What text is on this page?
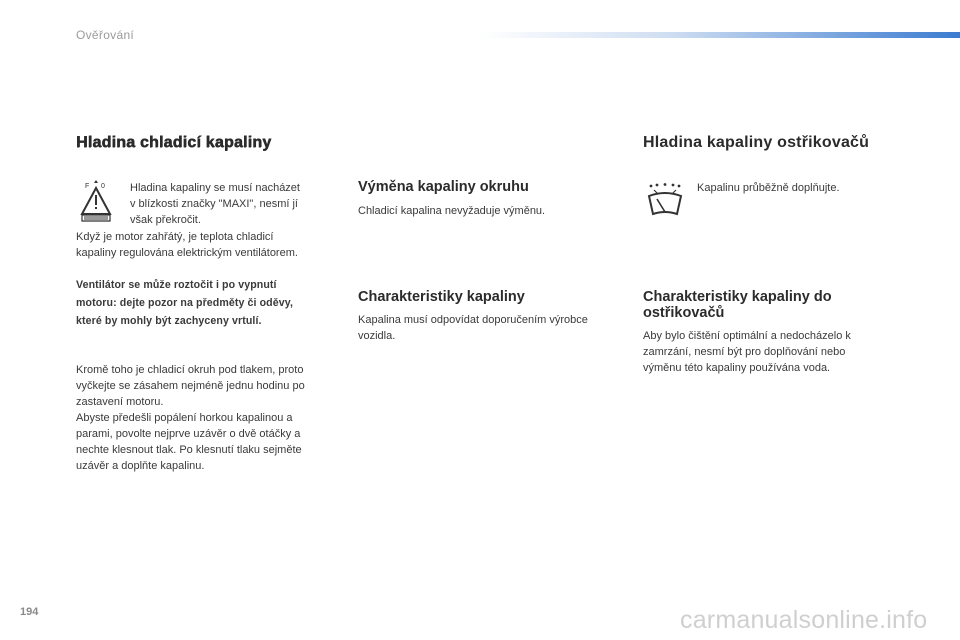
Ověřování
Hladina chladicí kapaliny
F 0 Hladina kapaliny se musí nacházet

v blízkosti značky "MAXI", nesmí jí

však překročit.

Když je motor zahřátý, je teplota chladicí

kapaliny regulována elektrickým ventilátorem.

Ventilátor se může roztočit i po vypnutí

motoru: dejte pozor na předměty či oděvy,

které by mohly být zachyceny vrtulí.

Kromě toho je chladicí okruh pod tlakem, proto

vyčkejte se zásahem nejméně jednu hodinu po

zastavení motoru.

Abyste předešli popálení horkou kapalinou a

parami, povolte nejprve uzávěr o dvě otáčky a

nechte klesnout tlak. Po klesnutí tlaku sejměte

uzávěr a doplňte kapalinu.

Výměna kapaliny okruhu

Chladicí kapalina nevyžaduje výměnu.

Charakteristiky kapaliny

Kapalina musí odpovídat doporučením výrobce

vozidla.

Hladina kapaliny ostřikovačů

Kapalinu průběžně doplňujte.

Charakteristiky kapaliny do
ostřikovačů

Aby bylo čištění optimální a nedocházelo k

zamrzání, nesmí být pro doplňování nebo

výměnu této kapaliny používána voda.

194	carmanualsonline.info
